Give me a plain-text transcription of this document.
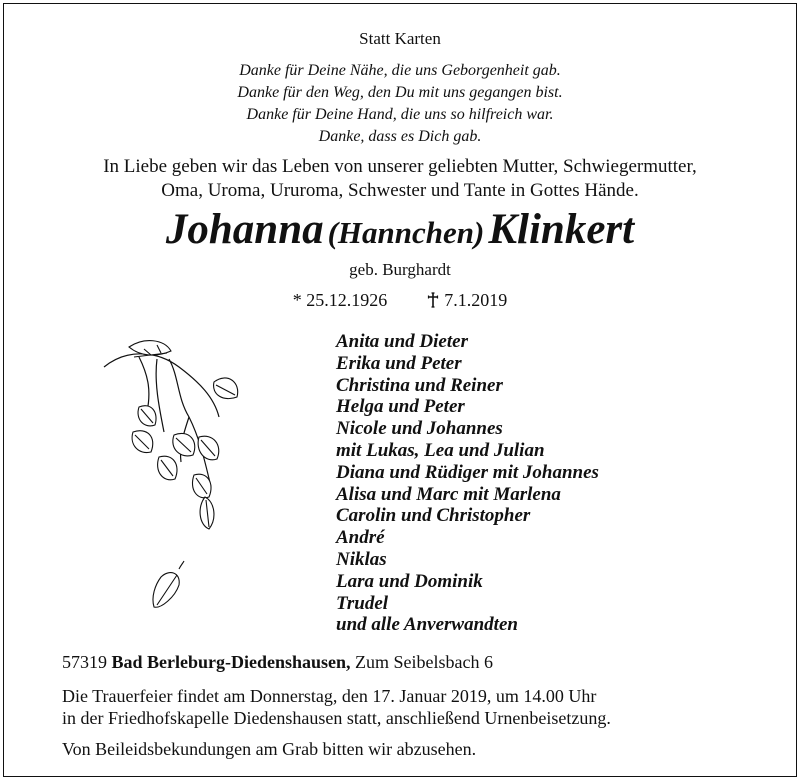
Statt Karten
Danke für Deine Nähe, die uns Geborgenheit gab.
Danke für den Weg, den Du mit uns gegangen bist.
Danke für Deine Hand, die uns so hilfreich war.
Danke, dass es Dich gab.
In Liebe geben wir das Leben von unserer geliebten Mutter, Schwiegermutter,
Oma, Uroma, Ururoma, Schwester und Tante in Gottes Hände.
Johanna (Hannchen) Klinkert
geb. Burghardt
* 25.12.1926	7.1.2019
Anita und Dieter
Erika und Peter
Christina und Reiner
Helga und Peter
Nicole und Johannes
mit Lukas, Lea und Julian
Diana und Rüdiger mit Johannes
Alisa und Marc mit Marlena
Carolin und Christopher
André
Niklas
Lara und Dominik
Trudel
und alle Anverwandten
57319 Bad Berleburg-Diedenshausen, Zum Seibelsbach 6
Die Trauerfeier findet am Donnerstag, den 17. Januar 2019, um 14.00 Uhr
in der Friedhofskapelle Diedenshausen statt, anschließend Urnenbeisetzung.
Von Beileidsbekundungen am Grab bitten wir abzusehen.
